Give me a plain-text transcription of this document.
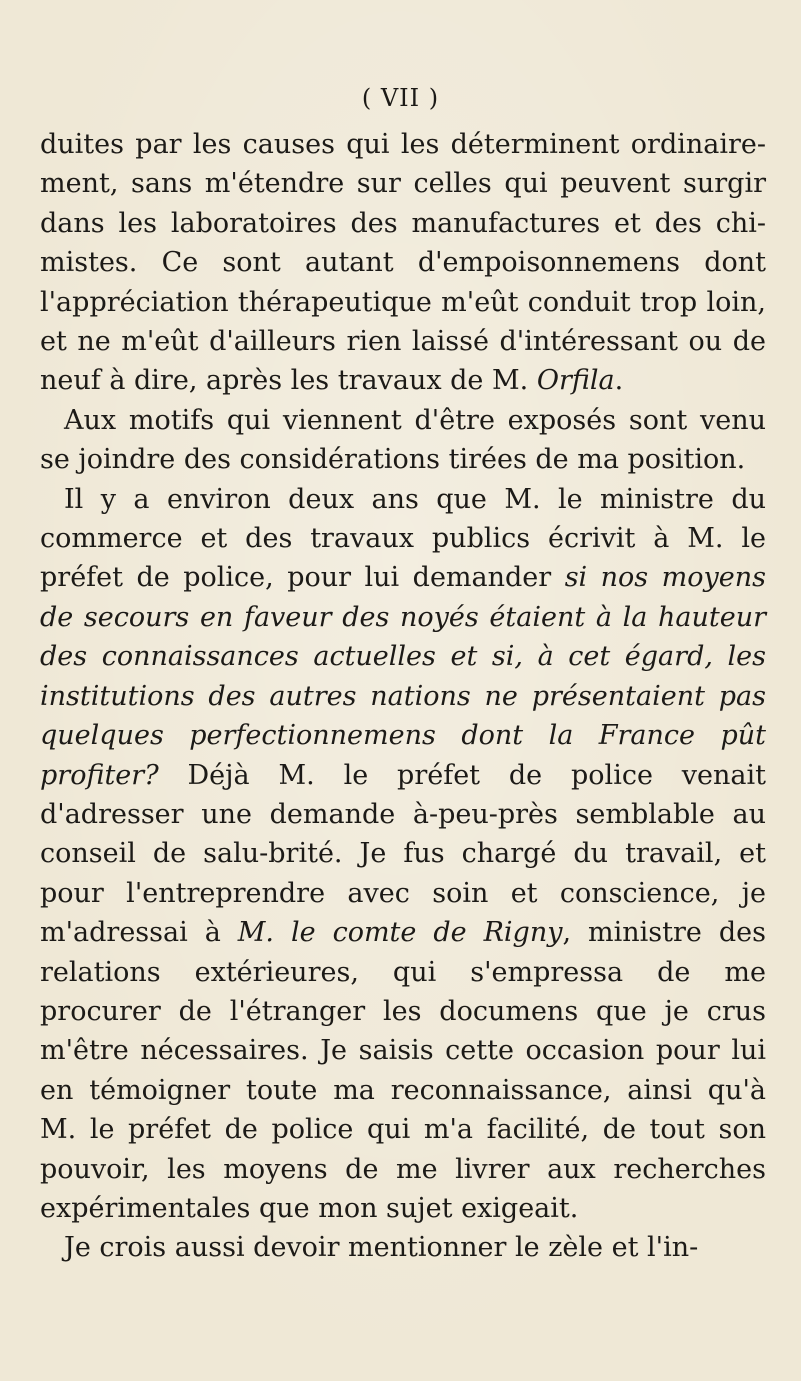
( VII )

duites par les causes qui les déterminent ordinaire-ment, sans m'étendre sur celles qui peuvent surgir dans les laboratoires des manufactures et des chi-mistes. Ce sont autant d'empoisonnemens dont l'appréciation thérapeutique m'eût conduit trop loin, et ne m'eût d'ailleurs rien laissé d'intéressant ou de neuf à dire, après les travaux de M. Orfila.

Aux motifs qui viennent d'être exposés sont venu se joindre des considérations tirées de ma position.

Il y a environ deux ans que M. le ministre du commerce et des travaux publics écrivit à M. le préfet de police, pour lui demander si nos moyens de secours en faveur des noyés étaient à la hauteur des connaissances actuelles et si, à cet égard, les institutions des autres nations ne présentaient pas quelques perfectionnemens dont la France pût profiter? Déjà M. le préfet de police venait d'adresser une demande à-peu-près semblable au conseil de salu-brité. Je fus chargé du travail, et pour l'entreprendre avec soin et conscience, je m'adressai à M. le comte de Rigny, ministre des relations extérieures, qui s'empressa de me procurer de l'étranger les documens que je crus m'être nécessaires. Je saisis cette occasion pour lui en témoigner toute ma reconnaissance, ainsi qu'à M. le préfet de police qui m'a facilité, de tout son pouvoir, les moyens de me livrer aux recherches expérimentales que mon sujet exigeait.

Je crois aussi devoir mentionner le zèle et l'in-
